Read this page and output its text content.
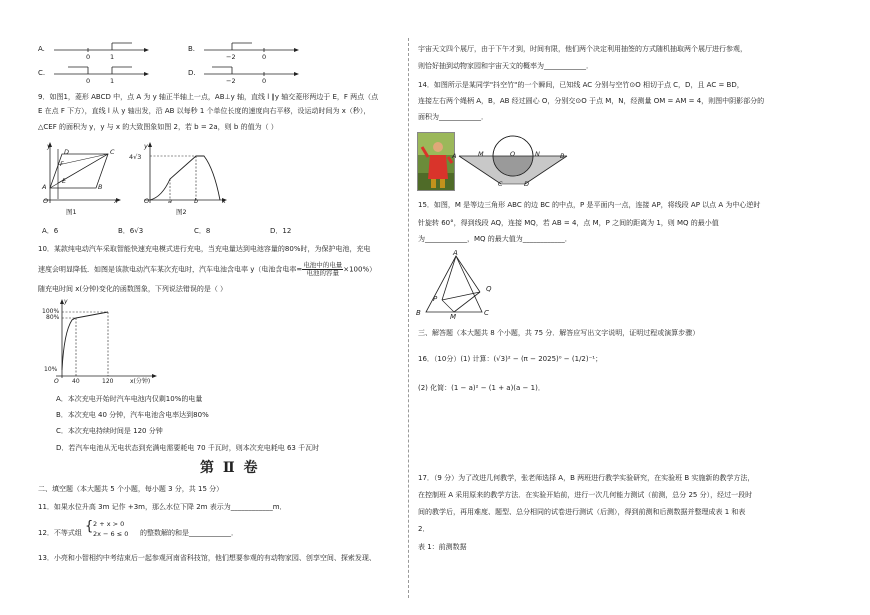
A.
0	1
B.
−2	0
C.
0	1
D.
−2	0
9．如图1，菱形 ABCD 中，点 A 为 y 轴正半轴上一点，AB⊥y 轴，直线 l ∥y 轴交菱形两边于 E，F 两点（点
E 在点 F 下方），直线 l 从 y 轴出发，沿 AB 以每秒 1 个单位长度的速度向右平移，设运动时间为 x（秒），
△CEF 的面积为 y，y 与 x 的大致图象如图 2，若 b = 2a，则 b 的值为（ ）
y
D	C
F
E
A	B
O	x
图1
y
4√3
O	a	b	x
图2
A．6	B．6√3	C．8	D．12
10．某款纯电动汽车采取智能快速充电模式进行充电，当充电量达到电池容量的80%时，为保护电池，充电
速度会明显降低．如图是该款电动汽车某次充电时，汽车电池含电率 y（电池含电率= $\frac{\text{电池中的电量}}{\text{电池的容量}} \times 100\%$）
随充电时间 x(分钟)变化的函数图象，下列说法错误的是（ ）
100%
80%
y
10%
O 40	120	x(分钟)
A．本次充电开始时汽车电池内仅剩10%的电量
B．本次充电 40 分钟，汽车电池含电率达到80%
C．本次充电持续时间是 120 分钟
D．若汽车电池从无电状态到充满电需要耗电 70 千瓦时，则本次充电耗电 63 千瓦时
第 Ⅱ 卷
二、填空题（本大题共 5 个小题，每小题 3 分，共 15 分）
11．如果水位升高 3m 记作 +3m，那么水位下降 2m 表示为____________m．
12．不等式组 { 2 + x > 0
2x − 6 ≤ 0 的整数解的和是____________．
13．小亮和小智相约中考结束后一起参观河南省科技馆，他们想要参观的有动物家园、创享空间、探索发现、
宇宙天文四个展厅，由于下午才到，时间有限，他们两个决定利用抽签的方式随机抽取两个展厅进行参观，
则恰好抽到动物家园和宇宙天文的概率为____________．
14．如图所示是某同学"抖空竹"的一个瞬间，已知线 AC 分别与空竹⊙O 相切于点 C，D，且 AC = BD，
连接左右两个绳柄 A，B，AB 经过圆心 O，分别交⊙O 于点 M，N，经测量 OM = AM = 4，则图中阴影部分的
面积为____________．
A	M	O	N	B
C	D
15．如图，M 是等边三角形 ABC 的边 BC 的中点，P 是平面内一点，连接 AP，将线段 AP 以点 A 为中心逆时
针旋转 60°，得到线段 AQ，连接 MQ，若 AB = 4，点 M，P 之间的距离为 1，则 MQ 的最小值
为____________，MQ 的最大值为____________．
A
P
Q
B	M	C
三、解答题（本大题共 8 个小题，共 75 分．解答应写出文字说明，证明过程或演算步骤）
16．（10分）(1) 计算：(√3)² − (π − 2025)⁰ − (1/2)⁻¹；
(2) 化简：(1 − a)² − (1 + a)(a − 1)．
17．（9 分）为了改进几何教学，张老师选择 A，B 两班进行教学实验研究，在实验班 B 实施新的教学方法，
在控制班 A 采用原来的教学方法．在实验开始前，进行一次几何能力测试（前测，总分 25 分），经过一段时
间的教学后，再用难度、题型、总分相同的试卷进行测试（后测），得到前测和后测数据并整理成表 1 和表
2．
表 1：前测数据
